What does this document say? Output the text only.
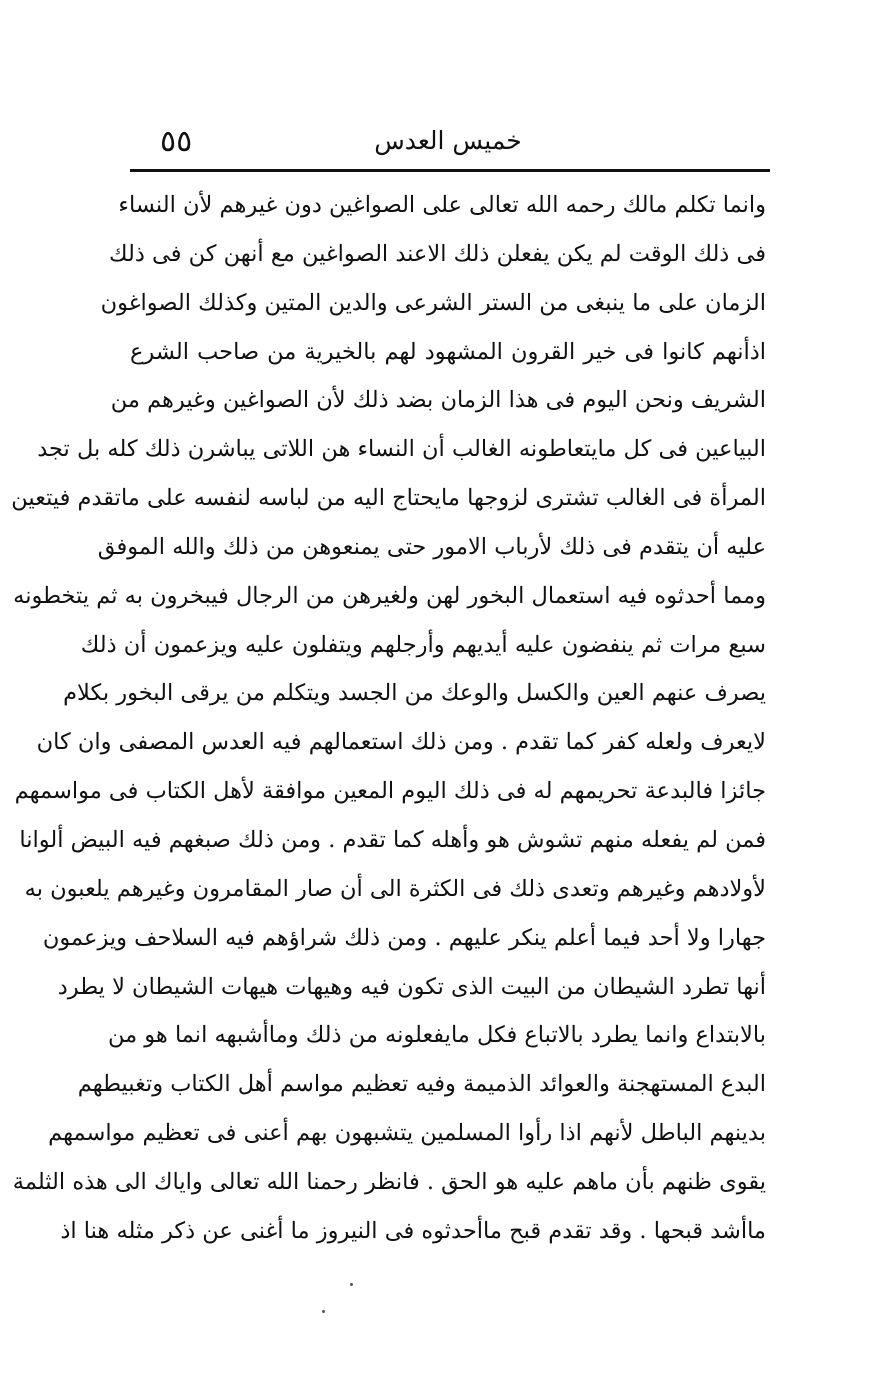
٥٥	خميس العدس
وانما تكلم مالك رحمه الله تعالى على الصواغين دون غيرهم لأن النساء
فى ذلك الوقت لم يكن يفعلن ذلك الاعند الصواغين مع أنهن كن فى ذلك
الزمان على ما ينبغى من الستر الشرعى والدين المتين وكذلك الصواغون
اذأنهم كانوا فى خير القرون المشهود لهم بالخيرية من صاحب الشرع
الشريف ونحن اليوم فى هذا الزمان بضد ذلك لأن الصواغين وغيرهم من
البياعين فى كل مايتعاطونه الغالب أن النساء هن اللاتى يباشرن ذلك كله بل تجد
المرأة فى الغالب تشترى لزوجها مايحتاج اليه من لباسه لنفسه على ماتقدم فيتعين
عليه أن يتقدم فى ذلك لأرباب الامور حتى يمنعوهن من ذلك والله الموفق
ومما أحدثوه فيه استعمال البخور لهن ولغيرهن من الرجال فيبخرون به ثم يتخطونه
سبع مرات ثم ينفضون عليه أيديهم وأرجلهم ويتفلون عليه ويزعمون أن ذلك
يصرف عنهم العين والكسل والوعك من الجسد ويتكلم من يرقى البخور بكلام
لايعرف ولعله كفر كما تقدم . ومن ذلك استعمالهم فيه العدس المصفى وان كان
جائزا فالبدعة تحريمهم له فى ذلك اليوم المعين موافقة لأهل الكتاب فى مواسمهم
فمن لم يفعله منهم تشوش هو وأهله كما تقدم . ومن ذلك صبغهم فيه البيض ألوانا
لأولادهم وغيرهم وتعدى ذلك فى الكثرة الى أن صار المقامرون وغيرهم يلعبون به
جهارا ولا أحد فيما أعلم ينكر عليهم . ومن ذلك شراؤهم فيه السلاحف ويزعمون
أنها تطرد الشيطان من البيت الذى تكون فيه وهيهات هيهات الشيطان لا يطرد
بالابتداع وانما يطرد بالاتباع فكل مايفعلونه من ذلك وماأشبهه انما هو من
البدع المستهجنة والعوائد الذميمة وفيه تعظيم مواسم أهل الكتاب وتغبيطهم
بدينهم الباطل لأنهم اذا رأوا المسلمين يتشبهون بهم أعنى فى تعظيم مواسمهم
يقوى ظنهم بأن ماهم عليه هو الحق . فانظر رحمنا الله تعالى واياك الى هذه الثلمة
ماأشد قبحها . وقد تقدم قبح ماأحدثوه فى النيروز ما أغنى عن ذكر مثله هنا اذ
